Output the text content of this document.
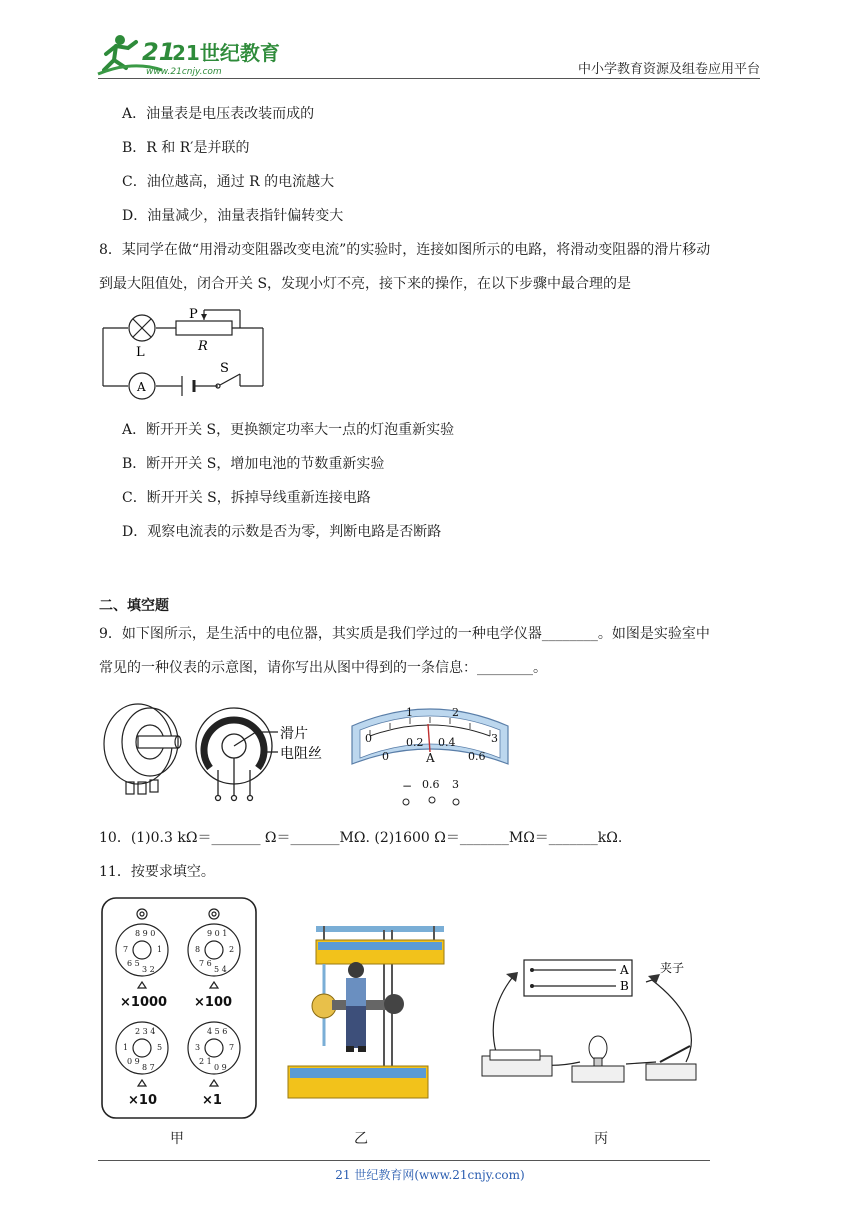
21
21世纪教育
www.21cnjy.com	中小学教育资源及组卷应用平台
A．油量表是电压表改装而成的
B．R 和 R′是并联的
C．油位越高，通过 R 的电流越大
D．油量减少，油量表指针偏转变大
8．某同学在做“用滑动变阻器改变电流”的实验时，连接如图所示的电路，将滑动变阻器的滑片移动
到最大阻值处，闭合开关 S，发现小灯不亮，接下来的操作，在以下步骤中最合理的是
P
L	R
A
S
A．断开开关 S，更换额定功率大一点的灯泡重新实验
B．断开开关 S，增加电池的节数重新实验
C．断开开关 S，拆掉导线重新连接电路
D．观察电流表的示数是否为零，判断电路是否断路
二、填空题
9．如下图所示，是生活中的电位器，其实质是我们学过的一种电学仪器________。如图是实验室中
常见的一种仪表的示意图，请你写出从图中得到的一条信息：________。
滑片
电阻丝
0
1	2
3
0
0.2 0.4
0.6
A
− 0.6 3
10．(1)0.3 kΩ＝_______ Ω＝_______MΩ. (2)1600 Ω＝_______MΩ＝_______kΩ.
11．按要求填空。
8 9 0
7	1
6 5
3 2
9 0 1
8	2
7 6
5 4
2 3 4
1	5
0 9
8 7
4 5 6
3	7
2 1
0 9
×1000 ×100
×10	×1
A
B
夹子
甲	乙	丙
21 世纪教育网(www.21cnjy.com)
